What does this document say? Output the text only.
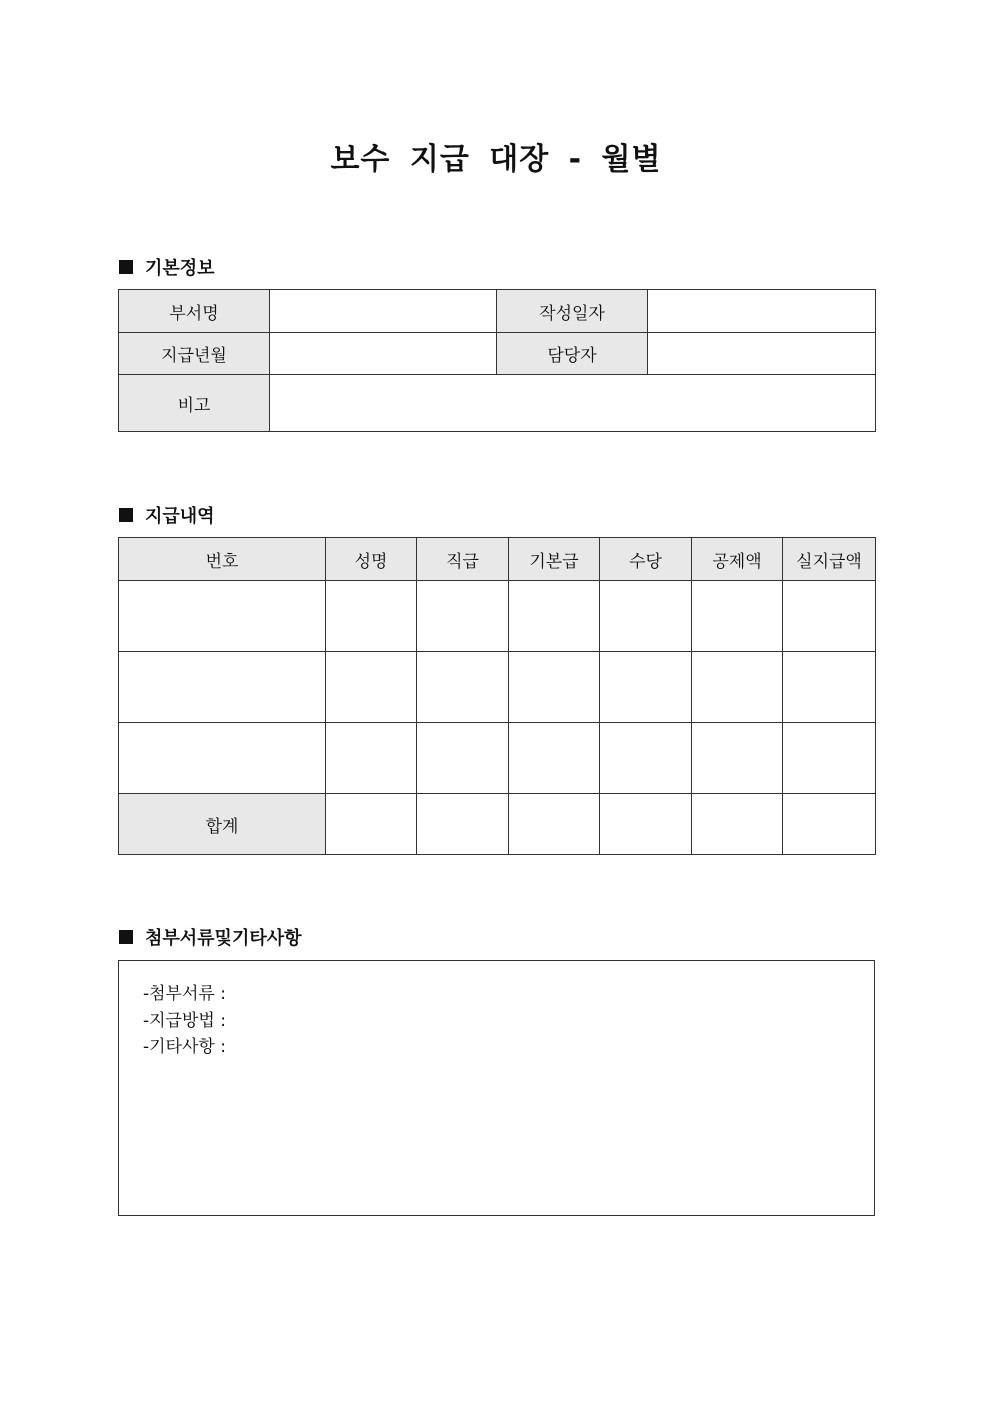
보수 지급 대장 - 월별
기본정보
부서명		작성일자	
지급년월		담당자	
비고			
지급내역
번호	성명	직급	기본급	수당	공제액	실지급액

합계						
첨부서류및기타사항
-첨부서류 :
-지급방법 :
-기타사항 :
